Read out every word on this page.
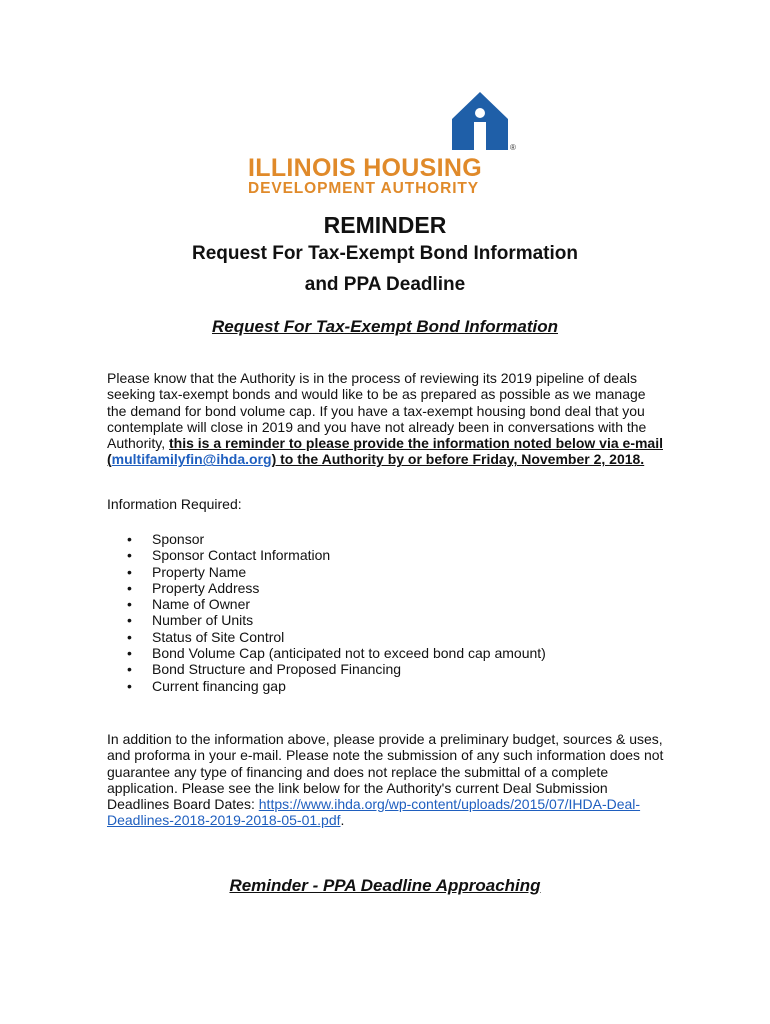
®
ILLINOIS HOUSING
DEVELOPMENT AUTHORITY
REMINDER
Request For Tax-Exempt Bond Information
and PPA Deadline
Request For Tax-Exempt Bond Information
Please know that the Authority is in the process of reviewing its 2019 pipeline of deals seeking tax-exempt bonds and would like to be as prepared as possible as we manage the demand for bond volume cap. If you have a tax-exempt housing bond deal that you contemplate will close in 2019 and you have not already been in conversations with the Authority, this is a reminder to please provide the information noted below via e-mail (multifamilyfin@ihda.org) to the Authority by or before Friday, November 2, 2018.
Information Required:
• Sponsor
• Sponsor Contact Information
• Property Name
• Property Address
• Name of Owner
• Number of Units
• Status of Site Control
• Bond Volume Cap (anticipated not to exceed bond cap amount)
• Bond Structure and Proposed Financing
• Current financing gap
In addition to the information above, please provide a preliminary budget, sources & uses, and proforma in your e-mail. Please note the submission of any such information does not guarantee any type of financing and does not replace the submittal of a complete application. Please see the link below for the Authority's current Deal Submission Deadlines Board Dates: https://www.ihda.org/wp-content/uploads/2015/07/IHDA-Deal-Deadlines-2018-2019-2018-05-01.pdf.
Reminder - PPA Deadline Approaching
